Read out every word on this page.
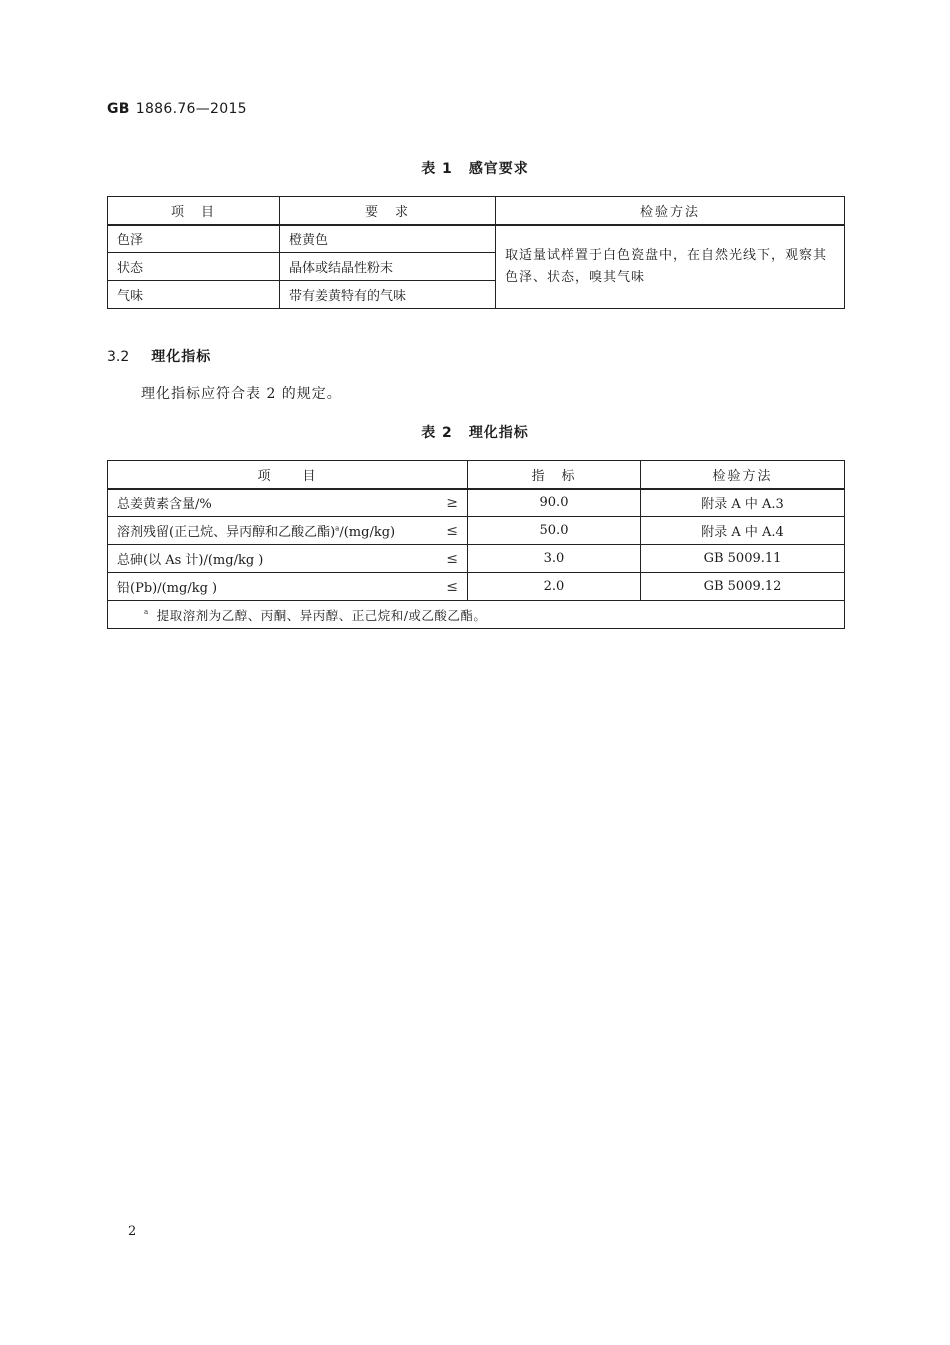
GB 1886.76—2015
表 1 感官要求
项　目	要　求	检验方法
色泽	橙黄色	取适量试样置于白色瓷盘中，在自然光线下，观察其色泽、状态，嗅其气味
状态	晶体或结晶性粉末	
气味	带有姜黄特有的气味	
3.2 理化指标
理化指标应符合表 2 的规定。
表 2 理化指标
项　　目	指　标	检验方法

总姜黄素含量/% ≥	90.0	附录 A 中 A.3

溶剂残留(正己烷、异丙醇和乙酸乙酯)$^a$/(mg/kg) ≤	50.0	附录 A 中 A.4

总砷(以 As 计)/(mg/kg ) ≤	3.0	GB 5009.11

铅(Pb)/(mg/kg ) ≤	2.0	GB 5009.12
$^a$ 提取溶剂为乙醇、丙酮、异丙醇、正己烷和/或乙酸乙酯。		
2
